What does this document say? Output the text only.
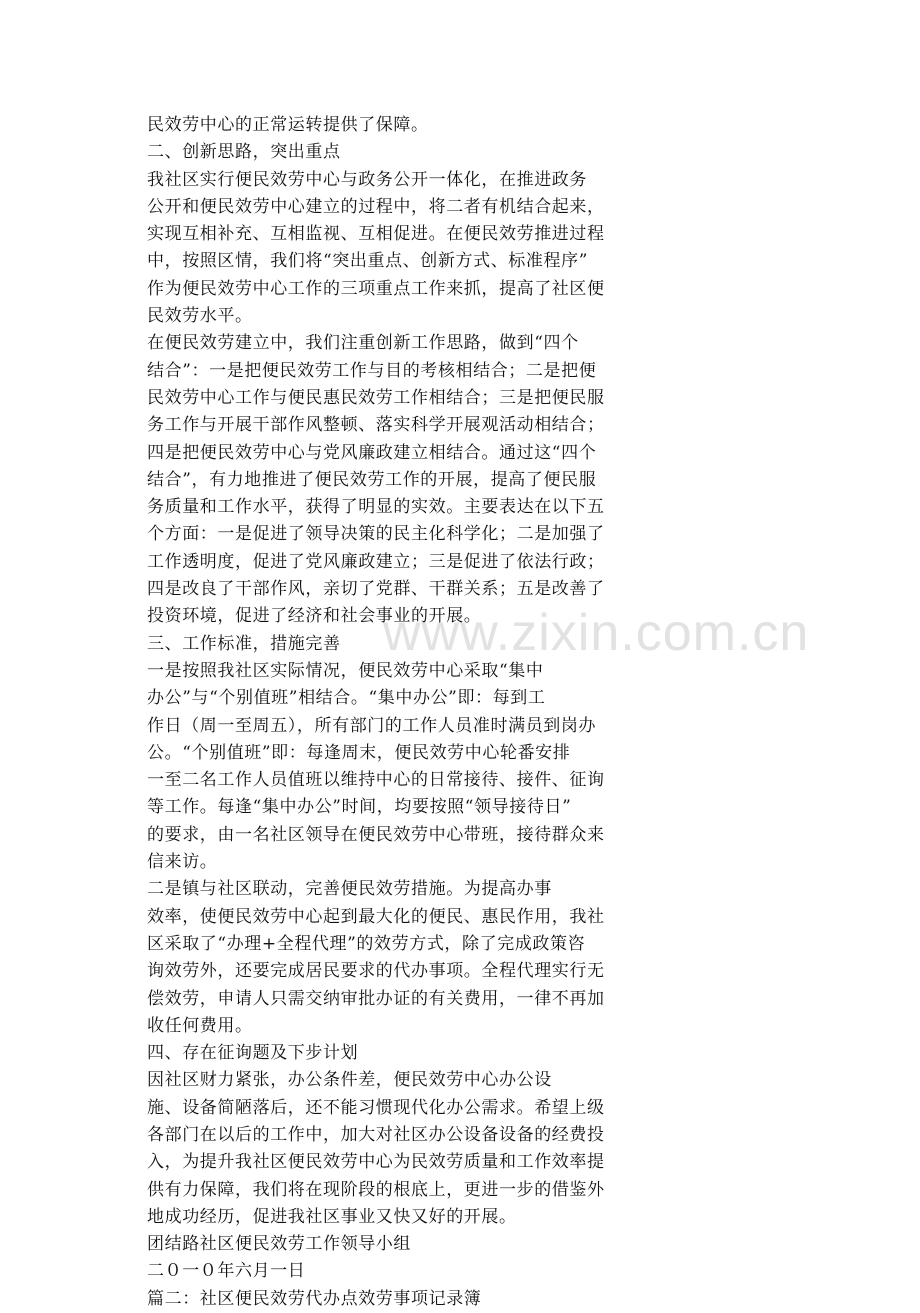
www.zixin.com.cn
民效劳中心的正常运转提供了保障。
二、创新思路，突出重点
我社区实行便民效劳中心与政务公开一体化，在推进政务
公开和便民效劳中心建立的过程中，将二者有机结合起来，
实现互相补充、互相监视、互相促进。在便民效劳推进过程
中，按照区情，我们将“突出重点、创新方式、标准程序”
作为便民效劳中心工作的三项重点工作来抓，提高了社区便
民效劳水平。
在便民效劳建立中，我们注重创新工作思路，做到“四个
结合”：一是把便民效劳工作与目的考核相结合；二是把便
民效劳中心工作与便民惠民效劳工作相结合；三是把便民服
务工作与开展干部作风整顿、落实科学开展观活动相结合；
四是把便民效劳中心与党风廉政建立相结合。通过这“四个
结合”，有力地推进了便民效劳工作的开展，提高了便民服
务质量和工作水平，获得了明显的实效。主要表达在以下五
个方面：一是促进了领导决策的民主化科学化；二是加强了
工作透明度，促进了党风廉政建立；三是促进了依法行政；
四是改良了干部作风，亲切了党群、干群关系；五是改善了
投资环境，促进了经济和社会事业的开展。
三、工作标准，措施完善
一是按照我社区实际情况，便民效劳中心采取“集中
办公”与“个别值班”相结合。“集中办公”即：每到工
作日（周一至周五），所有部门的工作人员准时满员到岗办
公。“个别值班”即：每逢周末，便民效劳中心轮番安排
一至二名工作人员值班以维持中心的日常接待、接件、征询
等工作。每逢“集中办公”时间，均要按照“领导接待日”
的要求，由一名社区领导在便民效劳中心带班，接待群众来
信来访。
二是镇与社区联动，完善便民效劳措施。为提高办事
效率，使便民效劳中心起到最大化的便民、惠民作用，我社
区采取了“办理+全程代理”的效劳方式，除了完成政策咨
询效劳外，还要完成居民要求的代办事项。全程代理实行无
偿效劳，申请人只需交纳审批办证的有关费用，一律不再加
收任何费用。
四、存在征询题及下步计划
因社区财力紧张，办公条件差，便民效劳中心办公设
施、设备简陋落后，还不能习惯现代化办公需求。希望上级
各部门在以后的工作中，加大对社区办公设备设备的经费投
入，为提升我社区便民效劳中心为民效劳质量和工作效率提
供有力保障，我们将在现阶段的根底上，更进一步的借鉴外
地成功经历，促进我社区事业又快又好的开展。
团结路社区便民效劳工作领导小组
二０一０年六月一日
篇二：社区便民效劳代办点效劳事项记录簿
